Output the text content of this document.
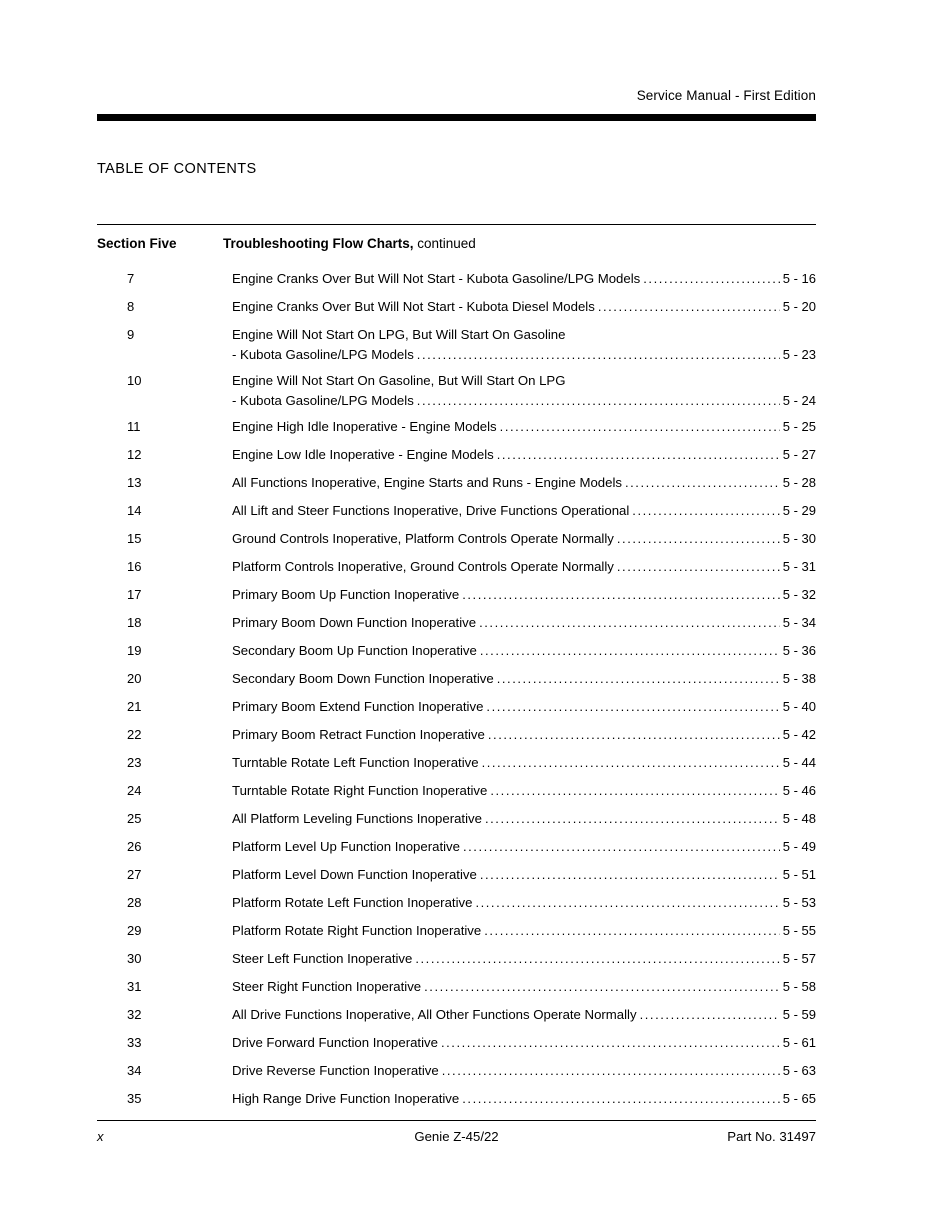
Service Manual - First Edition
TABLE OF CONTENTS
Section Five	Troubleshooting Flow Charts, continued
7	Engine Cranks Over But Will Not Start - Kubota Gasoline/LPG Models .....	5 - 16
8	Engine Cranks Over But Will Not Start - Kubota Diesel Models .....	5 - 20
9	Engine Will Not Start On LPG, But Will Start On Gasoline
- Kubota Gasoline/LPG Models .....	5 - 23
10	Engine Will Not Start On Gasoline, But Will Start On LPG
- Kubota Gasoline/LPG Models .....	5 - 24
11	Engine High Idle Inoperative - Engine Models .....	5 - 25
12	Engine Low Idle Inoperative - Engine Models .....	5 - 27
13	All Functions Inoperative, Engine Starts and Runs - Engine Models .....	5 - 28
14	All Lift and Steer Functions Inoperative, Drive Functions Operational .....	5 - 29
15	Ground Controls Inoperative, Platform Controls Operate Normally .....	5 - 30
16	Platform Controls Inoperative, Ground Controls Operate Normally .....	5 - 31
17	Primary Boom Up Function Inoperative .....	5 - 32
18	Primary Boom Down Function Inoperative .....	5 - 34
19	Secondary Boom Up Function Inoperative .....	5 - 36
20	Secondary Boom Down Function Inoperative .....	5 - 38
21	Primary Boom Extend Function Inoperative .....	5 - 40
22	Primary Boom Retract Function Inoperative .....	5 - 42
23	Turntable Rotate Left Function Inoperative .....	5 - 44
24	Turntable Rotate Right Function Inoperative .....	5 - 46
25	All Platform Leveling Functions Inoperative .....	5 - 48
26	Platform Level Up Function Inoperative .....	5 - 49
27	Platform Level Down Function Inoperative .....	5 - 51
28	Platform Rotate Left Function Inoperative .....	5 - 53
29	Platform Rotate Right Function Inoperative .....	5 - 55
30	Steer Left Function Inoperative .....	5 - 57
31	Steer Right Function Inoperative .....	5 - 58
32	All Drive Functions Inoperative, All Other Functions Operate Normally .....	5 - 59
33	Drive Forward Function Inoperative .....	5 - 61
34	Drive Reverse Function Inoperative .....	5 - 63
35	High Range Drive Function Inoperative .....	5 - 65
x	Genie Z-45/22	Part No. 31497
